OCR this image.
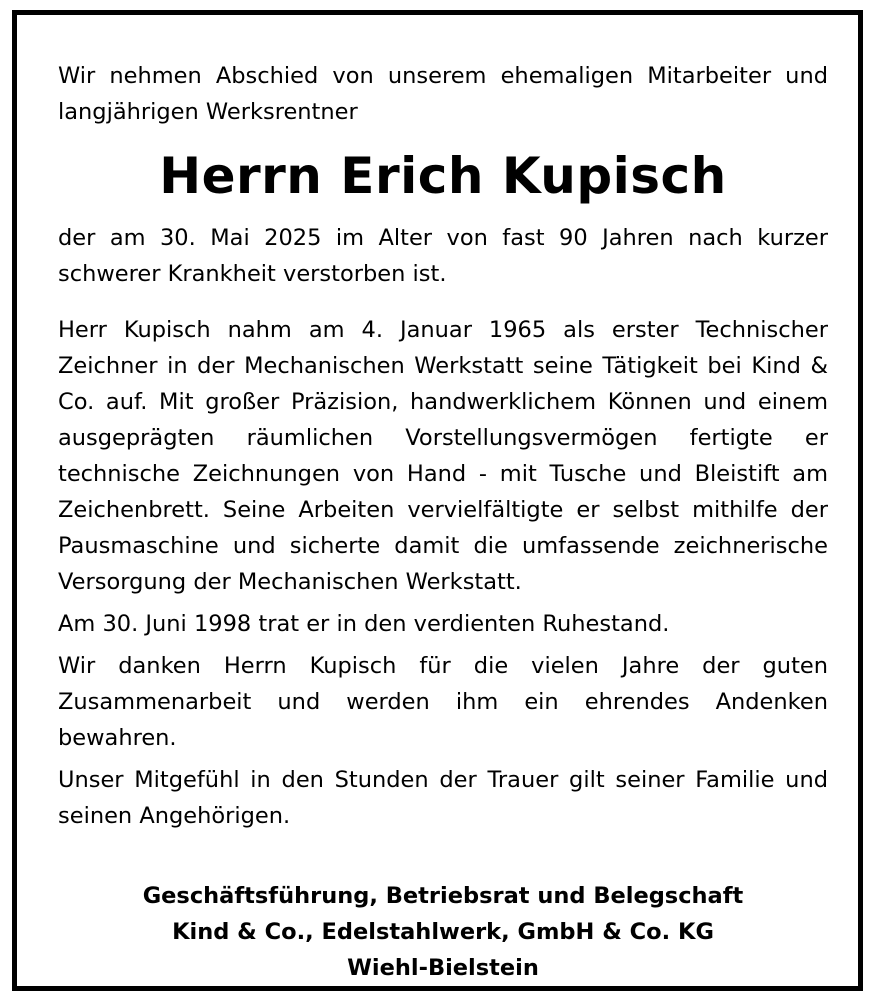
Wir nehmen Abschied von unserem ehemaligen Mitarbeiter und langjährigen Werksrentner

Herrn Erich Kupisch

der am 30. Mai 2025 im Alter von fast 90 Jahren nach kurzer schwerer Krankheit verstorben ist.

Herr Kupisch nahm am 4. Januar 1965 als erster Technischer Zeichner in der Mechanischen Werkstatt seine Tätigkeit bei Kind & Co. auf. Mit großer Präzision, handwerklichem Können und einem ausgeprägten räumlichen Vorstellungsvermögen fertigte er technische Zeichnungen von Hand - mit Tusche und Bleistift am Zeichenbrett. Seine Arbeiten vervielfältigte er selbst mithilfe der Pausmaschine und sicherte damit die umfassende zeichnerische Versorgung der Mechanischen Werkstatt.

Am 30. Juni 1998 trat er in den verdienten Ruhestand.

Wir danken Herrn Kupisch für die vielen Jahre der guten Zusammenarbeit und werden ihm ein ehrendes Andenken bewahren.

Unser Mitgefühl in den Stunden der Trauer gilt seiner Familie und seinen Angehörigen.

Geschäftsführung, Betriebsrat und Belegschaft
Kind & Co., Edelstahlwerk, GmbH & Co. KG
Wiehl-Bielstein
